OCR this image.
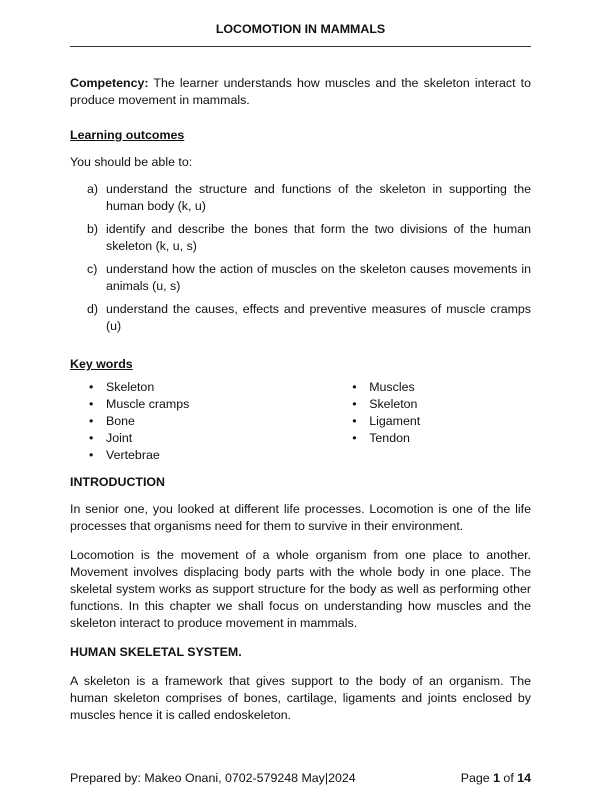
LOCOMOTION IN MAMMALS

Competency: The learner understands how muscles and the skeleton interact to produce movement in mammals.

Learning outcomes

You should be able to:

a) understand the structure and functions of the skeleton in supporting the human body (k, u)
b) identify and describe the bones that form the two divisions of the human skeleton (k, u, s)
c) understand how the action of muscles on the skeleton causes movements in animals (u, s)
d) understand the causes, effects and preventive measures of muscle cramps (u)

Key words

• Skeleton
• Muscle cramps
• Bone
• Joint
• Vertebrae
• Muscles
• Skeleton
• Ligament
• Tendon

INTRODUCTION

In senior one, you looked at different life processes. Locomotion is one of the life processes that organisms need for them to survive in their environment.

Locomotion is the movement of a whole organism from one place to another. Movement involves displacing body parts with the whole body in one place. The skeletal system works as support structure for the body as well as performing other functions. In this chapter we shall focus on understanding how muscles and the skeleton interact to produce movement in mammals.

HUMAN SKELETAL SYSTEM.

A skeleton is a framework that gives support to the body of an organism. The human skeleton comprises of bones, cartilage, ligaments and joints enclosed by muscles hence it is called endoskeleton.

Prepared by: Makeo Onani, 0702-579248 May|2024	Page 1 of 14
